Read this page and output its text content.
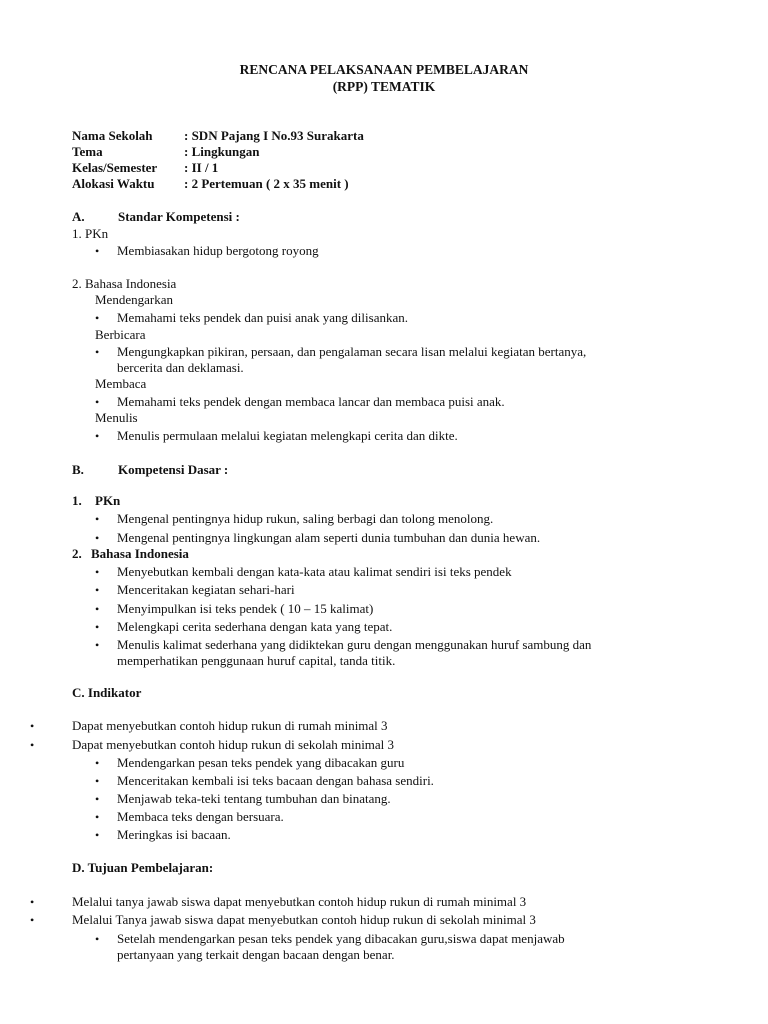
RENCANA PELAKSANAAN PEMBELAJARAN
(RPP) TEMATIK
Nama Sekolah : SDN Pajang I No.93 Surakarta
Tema	: Lingkungan
Kelas/Semester : II / 1
Alokasi Waktu : 2 Pertemuan ( 2 x 35 menit )
A.	Standar Kompetensi :
1. PKn
• Membiasakan hidup bergotong royong
2. Bahasa Indonesia
Mendengarkan
• Memahami teks pendek dan puisi anak yang dilisankan.
Berbicara
• Mengungkapkan pikiran, persaan, dan pengalaman secara lisan melalui kegiatan bertanya,
bercerita dan deklamasi.
Membaca
• Memahami teks pendek dengan membaca lancar dan membaca puisi anak.
Menulis
• Menulis permulaan melalui kegiatan melengkapi cerita dan dikte.
B.	Kompetensi Dasar :
1. PKn
• Mengenal pentingnya hidup rukun, saling berbagi dan tolong menolong.
• Mengenal pentingnya lingkungan alam seperti dunia tumbuhan dan dunia hewan.
2. Bahasa Indonesia
• Menyebutkan kembali dengan kata-kata atau kalimat sendiri isi teks pendek
• Menceritakan kegiatan sehari-hari
• Menyimpulkan isi teks pendek ( 10 – 15 kalimat)
• Melengkapi cerita sederhana dengan kata yang tepat.
• Menulis kalimat sederhana yang didiktekan guru dengan menggunakan huruf sambung dan
memperhatikan penggunaan huruf capital, tanda titik.
C. Indikator
•	Dapat menyebutkan contoh hidup rukun di rumah minimal 3
•	Dapat menyebutkan contoh hidup rukun di sekolah minimal 3
• Mendengarkan pesan teks pendek yang dibacakan guru
• Menceritakan kembali isi teks bacaan dengan bahasa sendiri.
• Menjawab teka-teki tentang tumbuhan dan binatang.
• Membaca teks dengan bersuara.
• Meringkas isi bacaan.
D. Tujuan Pembelajaran:
•	Melalui tanya jawab siswa dapat menyebutkan contoh hidup rukun di rumah minimal 3
•	Melalui Tanya jawab siswa dapat menyebutkan contoh hidup rukun di sekolah minimal 3
• Setelah mendengarkan pesan teks pendek yang dibacakan guru,siswa dapat menjawab
pertanyaan yang terkait dengan bacaan dengan benar.
